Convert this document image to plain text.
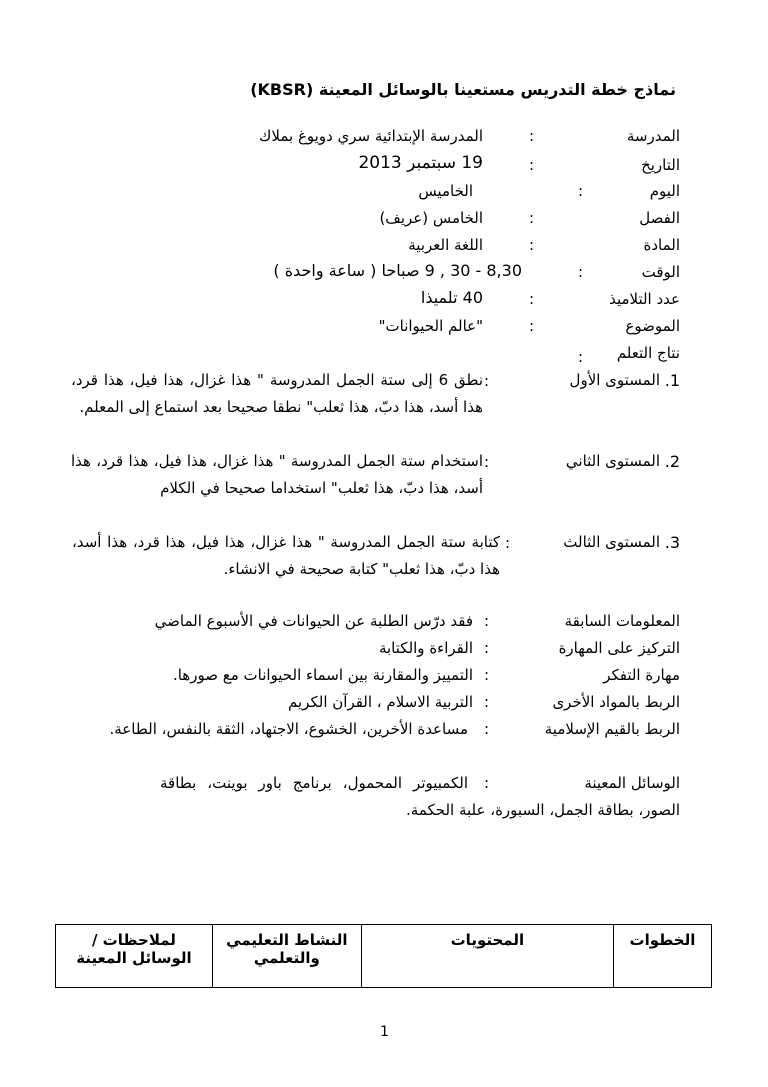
نماذج خطة التدريس مستعينا بالوسائل المعينة (KBSR)
المدرسة
:
المدرسة الإبتدائية سري دويوغ بملاك
التاريخ
:
19 سبتمبر 2013
اليوم
:
الخاميس
الفصل
:
الخامس (عريف)
المادة
:
اللغة العربية
الوقت
:
8,30 - 30 , 9 صباحا ( ساعة واحدة )
عدد التلاميذ
:
40 تلميذا
الموضوع
:
"عالم الحيوانات"
نتاج التعلم
:
1.
المستوى الأول
:
نطق 6 إلى ستة الجمل المدروسة " هذا غزال، هذا فيل، هذا قرد، هذا أسد، هذا دبّ، هذا ثعلب" نطقا صحيحا بعد استماع إلى المعلم.
2.
المستوى الثاني
:
استخدام ستة الجمل المدروسة " هذا غزال، هذا فيل، هذا قرد، هذا أسد، هذا دبّ، هذا ثعلب" استخداما صحيحا في الكلام
3.
المستوى الثالث
:
كتابة ستة الجمل المدروسة " هذا غزال، هذا فيل، هذا قرد، هذا أسد، هذا دبّ، هذا ثعلب" كتابة صحيحة في الانشاء.
المعلومات السابقة
:
فقد درّس الطلبة عن الحيوانات في الأسبوع الماضي
التركيز على المهارة
:
القراءة والكتابة
مهارة التفكر
:
التمييز والمقارنة بين اسماء الحيوانات مع صورها.
الربط بالمواد الأخرى
:
التربية الاسلام ، القرآن الكريم
الربط بالقيم الإسلامية
:
مساعدة الأخرين، الخشوع، الاجتهاد، الثقة بالنفس، الطاعة.
الوسائل المعينة
:
الكمبيوتر المحمول، برنامج باور بوينت، بطاقة الصور، بطاقة الجمل، السبورة، علبة الحكمة.
لملاحظات / الوسائل المعينة	النشاط التعليمي والتعلمي	المحتويات	الخطوات
1
